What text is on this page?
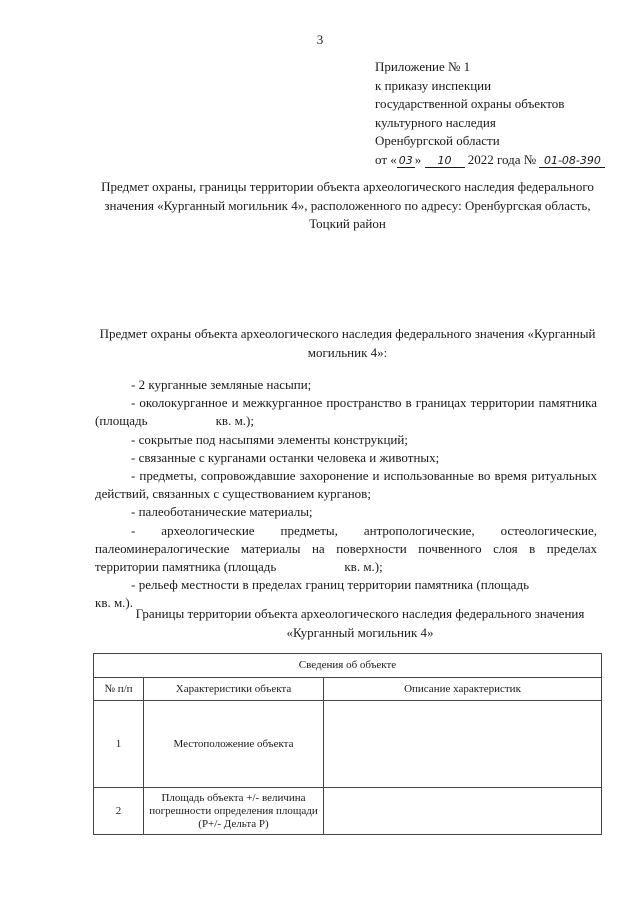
3
Приложение № 1
к приказу инспекции
государственной охраны объектов
культурного наследия
Оренбургской области
от « 03 » 10 2022 года № 01-08-390
Предмет охраны, границы территории объекта археологического наследия федерального значения «Курганный могильник 4», расположенного по адресу: Оренбургская область, Тоцкий район
Предмет охраны объекта археологического наследия федерального значения «Курганный могильник 4»:

- 2 курганные земляные насыпи;

- околокурганное и межкурганное пространство в границах территории памятника (площадь	кв. м.);

- сокрытые под насыпями элементы конструкций;

- связанные с курганами останки человека и животных;

- предметы, сопровождавшие захоронение и использованные во время ритуальных действий, связанных с существованием курганов;

- палеоботанические материалы;

- археологические предметы, антропологические, остеологические, палеоминералогические материалы на поверхности почвенного слоя в пределах территории памятника (площадь	кв. м.);

- рельеф местности в пределах границ территории памятника (площадькв. м.).

Границы территории объекта археологического наследия федерального значения «Курганный могильник 4»
Сведения об объекте		
№ п/п	Характеристики объекта	Описание характеристик
1	Местоположение объекта	
2	Площадь объекта +/- величина погрешности определения площади (P+/- Дельта P)	
